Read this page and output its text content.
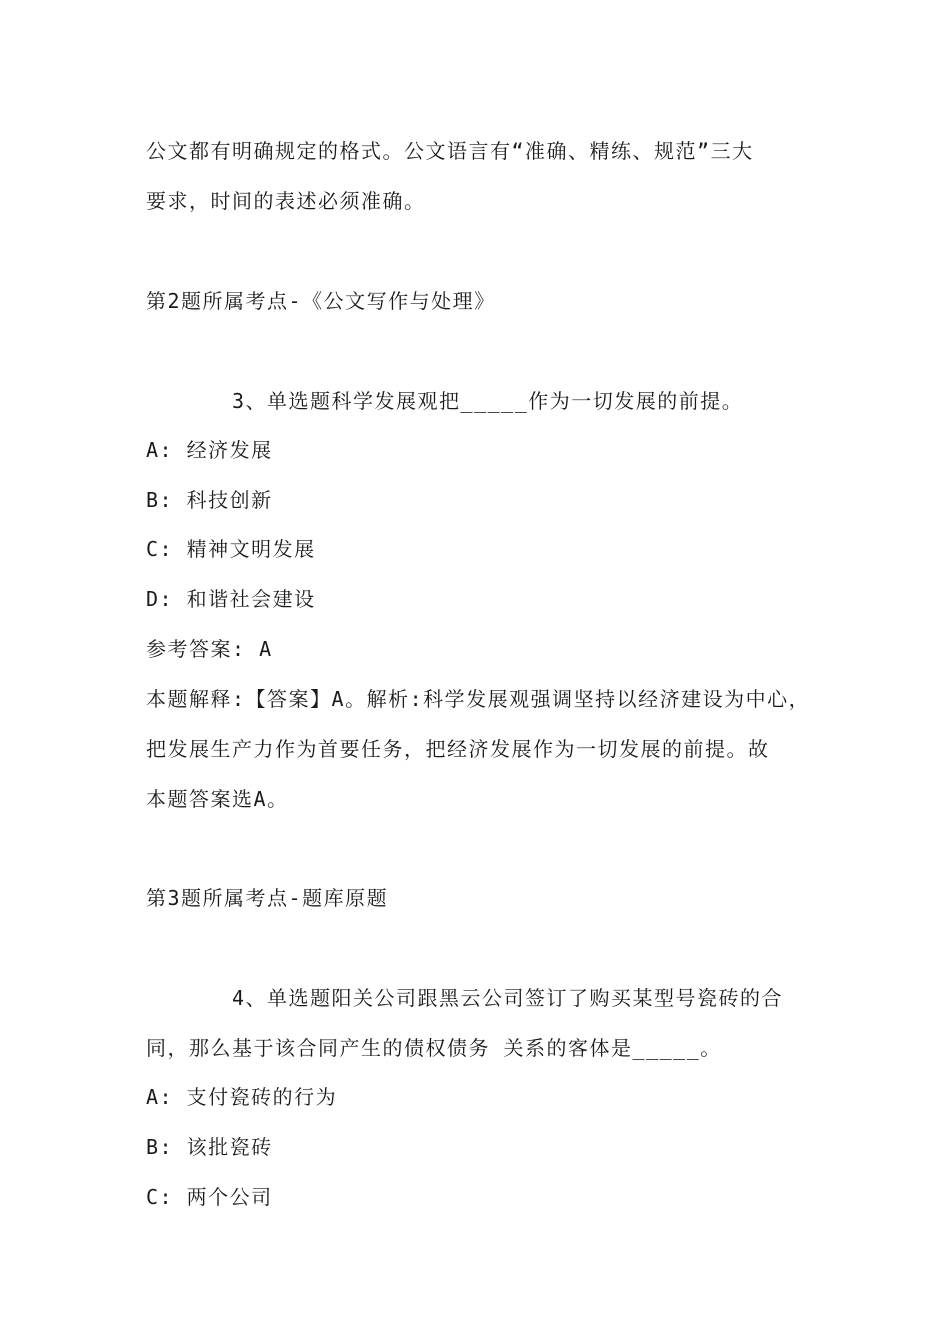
公文都有明确规定的格式。公文语言有“准确、精练、规范”三大

要求，时间的表述必须准确。

第2题所属考点-《公文写作与处理》

3、单选题科学发展观把_____作为一切发展的前提。

A: 经济发展

B: 科技创新

C: 精神文明发展

D: 和谐社会建设

参考答案: A

本题解释:【答案】A。解析:科学发展观强调坚持以经济建设为中心，

把发展生产力作为首要任务，把经济发展作为一切发展的前提。故

本题答案选A。

第3题所属考点-题库原题

4、单选题阳关公司跟黑云公司签订了购买某型号瓷砖的合

同，那么基于该合同产生的债权债务 关系的客体是_____。

A: 支付瓷砖的行为

B: 该批瓷砖

C: 两个公司
